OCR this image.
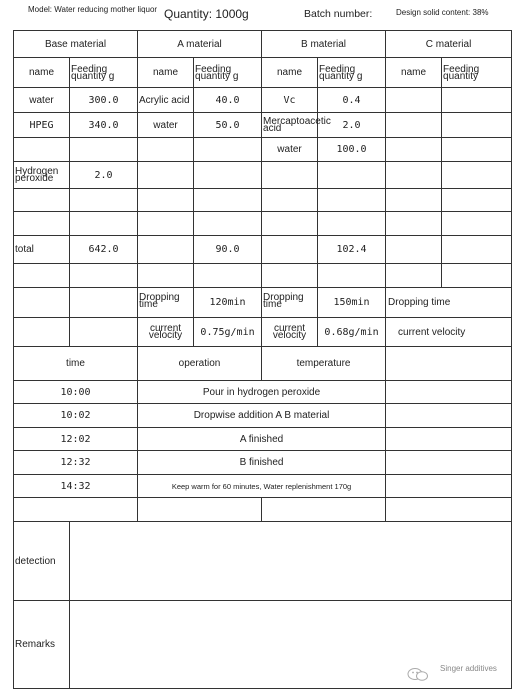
Model: Water reducing mother liquor Quantity: 1000g	Batch number:	Design solid content: 38%
Base material		A material		B material		C material	
name	Feeding quantity g	name	Feeding quantity g	name	Feeding quantity g	name	Feeding quantity
water	300.0	Acrylic acid	40.0	Vc	0.4		
HPEG	340.0	water	50.0	Mercaptoacetic acid	2.0		
				water	100.0		
Hydrogen peroxide	2.0						

total	642.0		90.0		102.4		

		Dropping time	120min	Dropping time	150min	Dropping time	
		current velocity	0.75g/min	current velocity	0.68g/min	current velocity	
time		operation		temperature			
10:00		Pour in hydrogen peroxide					
10:02		Dropwise addition A B material					
12:02		A finished					
12:32		B finished					
14:32		Keep warm for 60 minutes, Water replenishment 170g					

detection							
Remarks							
Singer additives
